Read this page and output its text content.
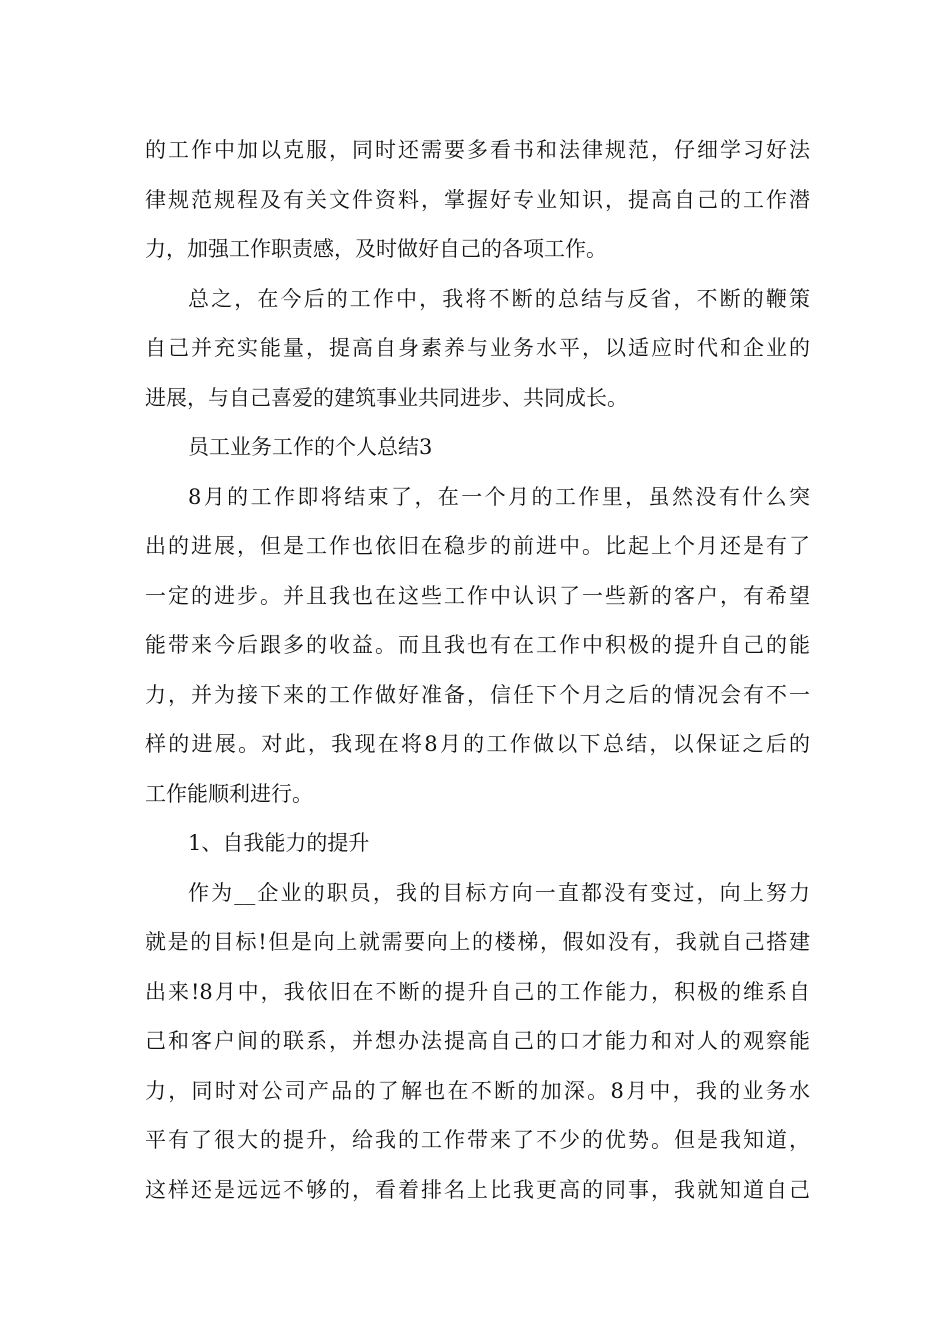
的工作中加以克服，同时还需要多看书和法律规范，仔细学习好法
律规范规程及有关文件资料，掌握好专业知识，提高自己的工作潜
力，加强工作职责感，及时做好自己的各项工作。
总之，在今后的工作中，我将不断的总结与反省，不断的鞭策
自己并充实能量，提高自身素养与业务水平，以适应时代和企业的
进展，与自己喜爱的建筑事业共同进步、共同成长。
员工业务工作的个人总结3
8月的工作即将结束了，在一个月的工作里，虽然没有什么突
出的进展，但是工作也依旧在稳步的前进中。比起上个月还是有了
一定的进步。并且我也在这些工作中认识了一些新的客户，有希望
能带来今后跟多的收益。而且我也有在工作中积极的提升自己的能
力，并为接下来的工作做好准备，信任下个月之后的情况会有不一
样的进展。对此，我现在将8月的工作做以下总结，以保证之后的
工作能顺利进行。
1、自我能力的提升
作为__企业的职员，我的目标方向一直都没有变过，向上努力
就是的目标!但是向上就需要向上的楼梯，假如没有，我就自己搭建
出来!8月中，我依旧在不断的提升自己的工作能力，积极的维系自
己和客户间的联系，并想办法提高自己的口才能力和对人的观察能
力，同时对公司产品的了解也在不断的加深。8月中，我的业务水
平有了很大的提升，给我的工作带来了不少的优势。但是我知道，
这样还是远远不够的，看着排名上比我更高的同事，我就知道自己
